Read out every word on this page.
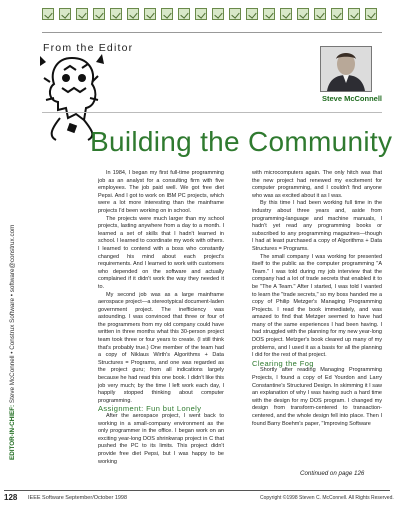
From the Editor
Steve McConnell
EDITOR-IN-CHIEF: Steve McConnell • Construx Software • software@construx.com
Building the Community

In 1984, I began my first full-time programming job as an analyst for a consulting firm with five employees. The job paid well. We got free diet Pepsi. And I got to work on IBM PC projects, which were a lot more interesting than the mainframe projects I'd been working on in school.

The projects were much larger than my school projects, lasting anywhere from a day to a month. I learned a set of skills that I hadn't learned in school. I learned to coordinate my work with others. I learned to contend with a boss who constantly changed his mind about each project's requirements. And I learned to work with customers who depended on the software and actually complained if it didn't work the way they needed it to.

My second job was as a large mainframe aerospace project—a stereotypical document-laden government project. The inefficiency was astounding. I was convinced that three or four of the programmers from my old company could have written in three months what this 30-person project team took three or four years to create. (I still think that's probably true.) One member of the team had a copy of Niklaus Wirth's Algorithms + Data Structures = Programs, and one was regarded as the project guru; from all indications largely because he had read this one book. I didn't like this job very much; by the time I left work each day, I happily stopped thinking about computer programming.

Assignment: Fun but Lonely

After the aerospace project, I went back to working in a small-company environment as the only programmer in the office. I began work on an exciting year-long DOS shrinkwrap project in C that pushed the PC to its limits. This project didn't provide free diet Pepsi, but I was happy to be working

with microcomputers again. The only hitch was that the new project had renewed my excitement for computer programming, and I couldn't find anyone who was as excited about it as I was.

By this time I had been working full time in the industry about three years and, aside from programming-language and machine manuals, I hadn't yet read any programming books or subscribed to any programming magazines—though I had at least purchased a copy of Algorithms + Data Structures = Programs.

The small company I was working for presented itself to the public as the computer programming "A Team." I was told during my job interview that the company had a lot of trade secrets that enabled it to be "The A Team." After I started, I was told I wanted to learn the "trade secrets," so my boss handed me a copy of Philip Metzger's Managing Programming Projects. I read the book immediately, and was amazed to find that Metzger seemed to have had many of the same experiences I had been having. I had struggled with the planning for my new year-long DOS project. Metzger's book cleared up many of my problems, and I used it as a basis for all the planning I did for the rest of that project.

Clearing the Fog

Shortly after reading Managing Programming Projects, I found a copy of Ed Yourdon and Larry Constantine's Structured Design. In skimming it I saw an explanation of why I was having such a hard time with the design for my DOS program. I changed my design from transform-centered to transaction-centered, and the whole design fell into place. Then I found Barry Boehm's paper, "Improving Software

Continued on page 126
128 IEEE Software September/October 1998	Copyright ©1998 Steven C. McConnell. All Rights Reserved.
